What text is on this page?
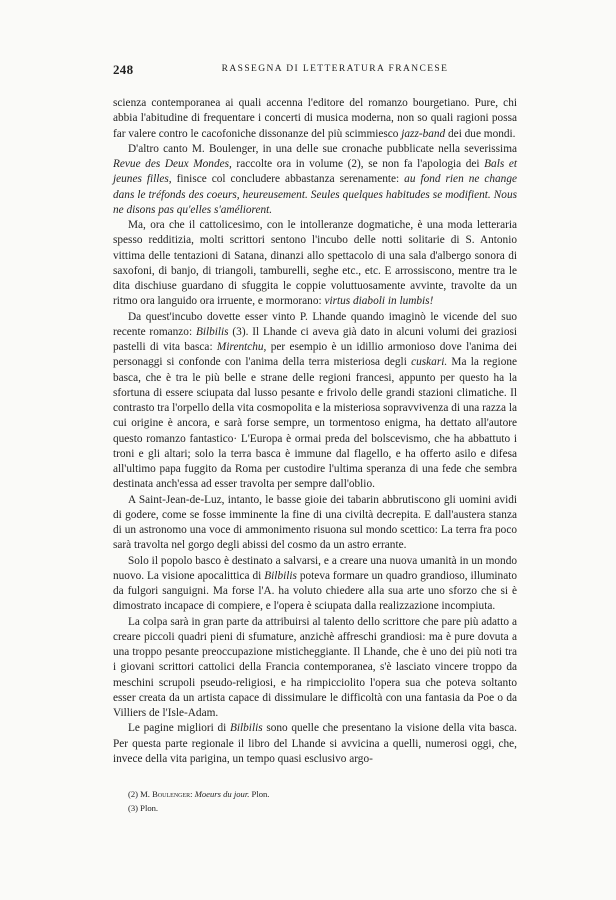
248	RASSEGNA DI LETTERATURA FRANCESE

scienza contemporanea ai quali accenna l'editore del romanzo bourgetiano. Pure, chi abbia l'abitudine di frequentare i concerti di musica moderna, non so quali ragioni possa far valere contro le cacofoniche dissonanze del più scimmiesco jazz-band dei due mondi.

D'altro canto M. Boulenger, in una delle sue cronache pubblicate nella severissima Revue des Deux Mondes, raccolte ora in volume (2), se non fa l'apologia dei Bals et jeunes filles, finisce col concludere abbastanza serenamente: au fond rien ne change dans le tréfonds des coeurs, heureusement. Seules quelques habitudes se modifient. Nous ne disons pas qu'elles s'améliorent.

Ma, ora che il cattolicesimo, con le intolleranze dogmatiche, è una moda letteraria spesso redditizia, molti scrittori sentono l'incubo delle notti solitarie di S. Antonio vittima delle tentazioni di Satana, dinanzi allo spettacolo di una sala d'albergo sonora di saxofoni, di banjo, di triangoli, tamburelli, seghe etc., etc. E arrossiscono, mentre tra le dita dischiuse guardano di sfuggita le coppie voluttuosamente avvinte, travolte da un ritmo ora languido ora irruente, e mormorano: virtus diaboli in lumbis!

Da quest'incubo dovette esser vinto P. Lhande quando imaginò le vicende del suo recente romanzo: Bilbilis (3). Il Lhande ci aveva già dato in alcuni volumi dei graziosi pastelli di vita basca: Mirentchu, per esempio è un idillio armonioso dove l'anima dei personaggi si confonde con l'anima della terra misteriosa degli cuskari. Ma la regione basca, che è tra le più belle e strane delle regioni francesi, appunto per questo ha la sfortuna di essere sciupata dal lusso pesante e frivolo delle grandi stazioni climatiche. Il contrasto tra l'orpello della vita cosmopolita e la misteriosa sopravvivenza di una razza la cui origine è ancora, e sarà forse sempre, un tormentoso enigma, ha dettato all'autore questo romanzo fantastico· L'Europa è ormai preda del bolscevismo, che ha abbattuto i troni e gli altari; solo la terra basca è immune dal flagello, e ha offerto asilo e difesa all'ultimo papa fuggito da Roma per custodire l'ultima speranza di una fede che sembra destinata anch'essa ad esser travolta per sempre dall'oblio.

A Saint-Jean-de-Luz, intanto, le basse gioie dei tabarin abbrutiscono gli uomini avidi di godere, come se fosse imminente la fine di una civiltà decrepita. E dall'austera stanza di un astronomo una voce di ammonimento risuona sul mondo scettico: La terra fra poco sarà travolta nel gorgo degli abissi del cosmo da un astro errante.

Solo il popolo basco è destinato a salvarsi, e a creare una nuova umanità in un mondo nuovo. La visione apocalittica di Bilbilis poteva formare un quadro grandioso, illuminato da fulgori sanguigni. Ma forse l'A. ha voluto chiedere alla sua arte uno sforzo che si è dimostrato incapace di compiere, e l'opera è sciupata dalla realizzazione incompiuta.

La colpa sarà in gran parte da attribuirsi al talento dello scrittore che pare più adatto a creare piccoli quadri pieni di sfumature, anzichè affreschi grandiosi: ma è pure dovuta a una troppo pesante preoccupazione misticheggiante. Il Lhande, che è uno dei più noti tra i giovani scrittori cattolici della Francia contemporanea, s'è lasciato vincere troppo da meschini scrupoli pseudo-religiosi, e ha rimpicciolito l'opera sua che poteva soltanto esser creata da un artista capace di dissimulare le difficoltà con una fantasia da Poe o da Villiers de l'Isle-Adam.

Le pagine migliori di Bilbilis sono quelle che presentano la visione della vita basca. Per questa parte regionale il libro del Lhande si avvicina a quelli, numerosi oggi, che, invece della vita parigina, un tempo quasi esclusivo argo-

(2) M. Boulenger: Moeurs du jour. Plon.

(3) Plon.
